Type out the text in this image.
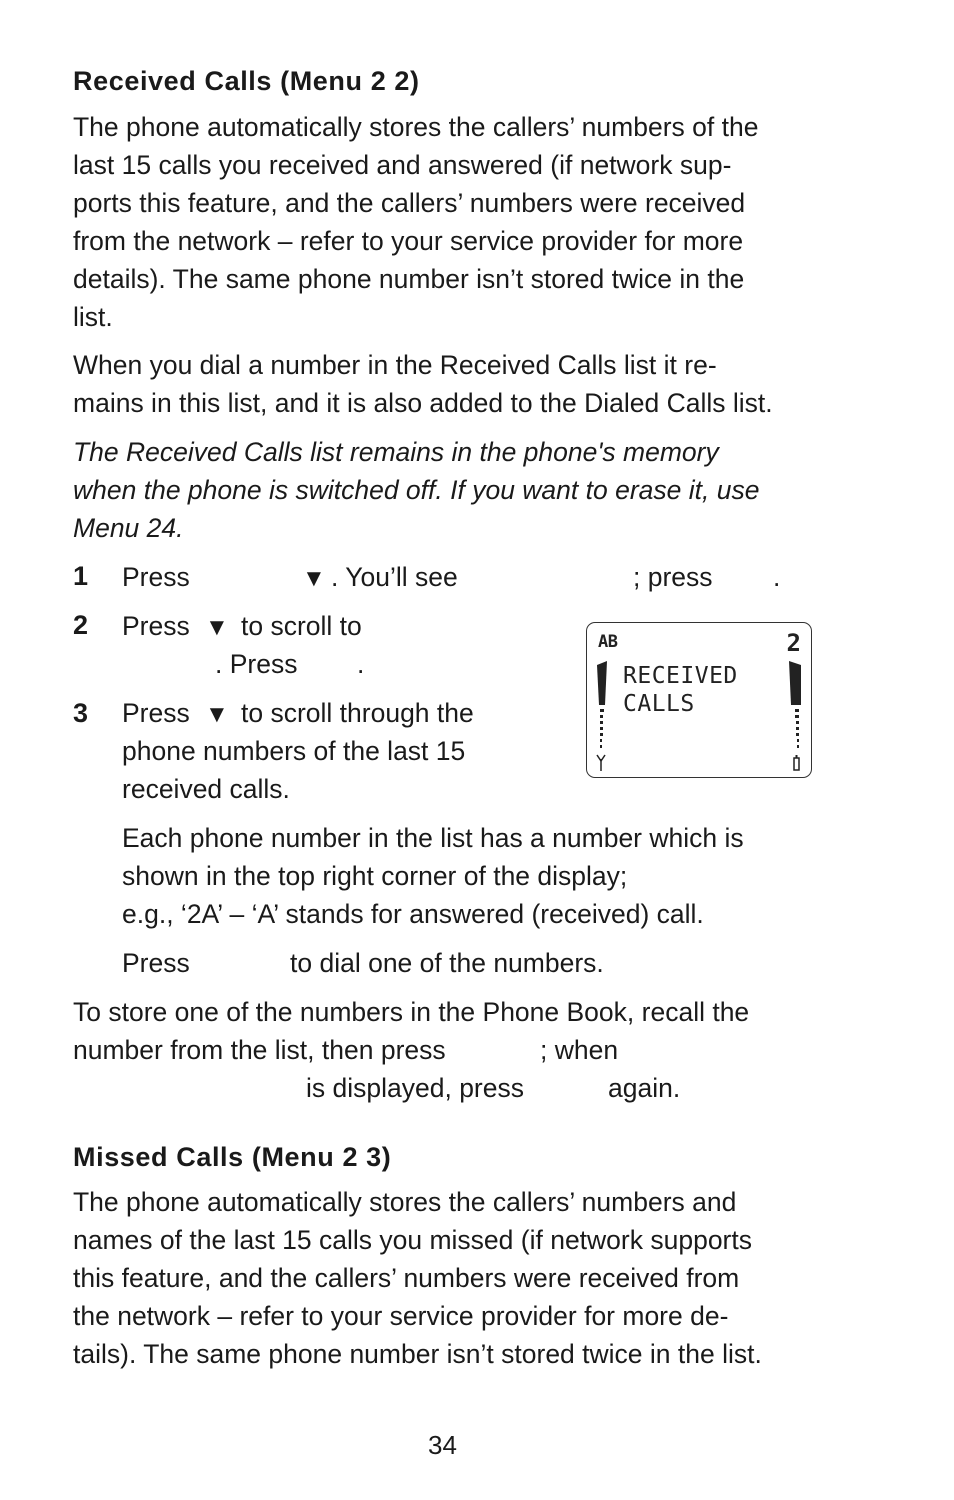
Received Calls (Menu 2 2)
The phone automatically stores the callers’ numbers of the
last 15 calls you received and answered (if network sup-
ports this feature, and the callers’ numbers were received
from the network – refer to your service provider for more
details). The same phone number isn’t stored twice in the
list.
When you dial a number in the Received Calls list it re-
mains in this list, and it is also added to the Dialed Calls list.
The Received Calls list remains in the phone's memory
when the phone is switched off. If you want to erase it, use
Menu 24.
1 Press	▼ . You’ll see	; press .
2 Press ▼ to scroll to
. Press .
3 Press ▼ to scroll through the
phone numbers of the last 15
received calls.
AB	2
RECEIVED
CALLS
Each phone number in the list has a number which is
shown in the top right corner of the display;
e.g., ‘2A’ – ‘A’ stands for answered (received) call.
Press	to dial one of the numbers.
To store one of the numbers in the Phone Book, recall the
number from the list, then press	; when
is displayed, press	again.
Missed Calls (Menu 2 3)
The phone automatically stores the callers’ numbers and
names of the last 15 calls you missed (if network supports
this feature, and the callers’ numbers were received from
the network – refer to your service provider for more de-
tails). The same phone number isn’t stored twice in the list.
34
